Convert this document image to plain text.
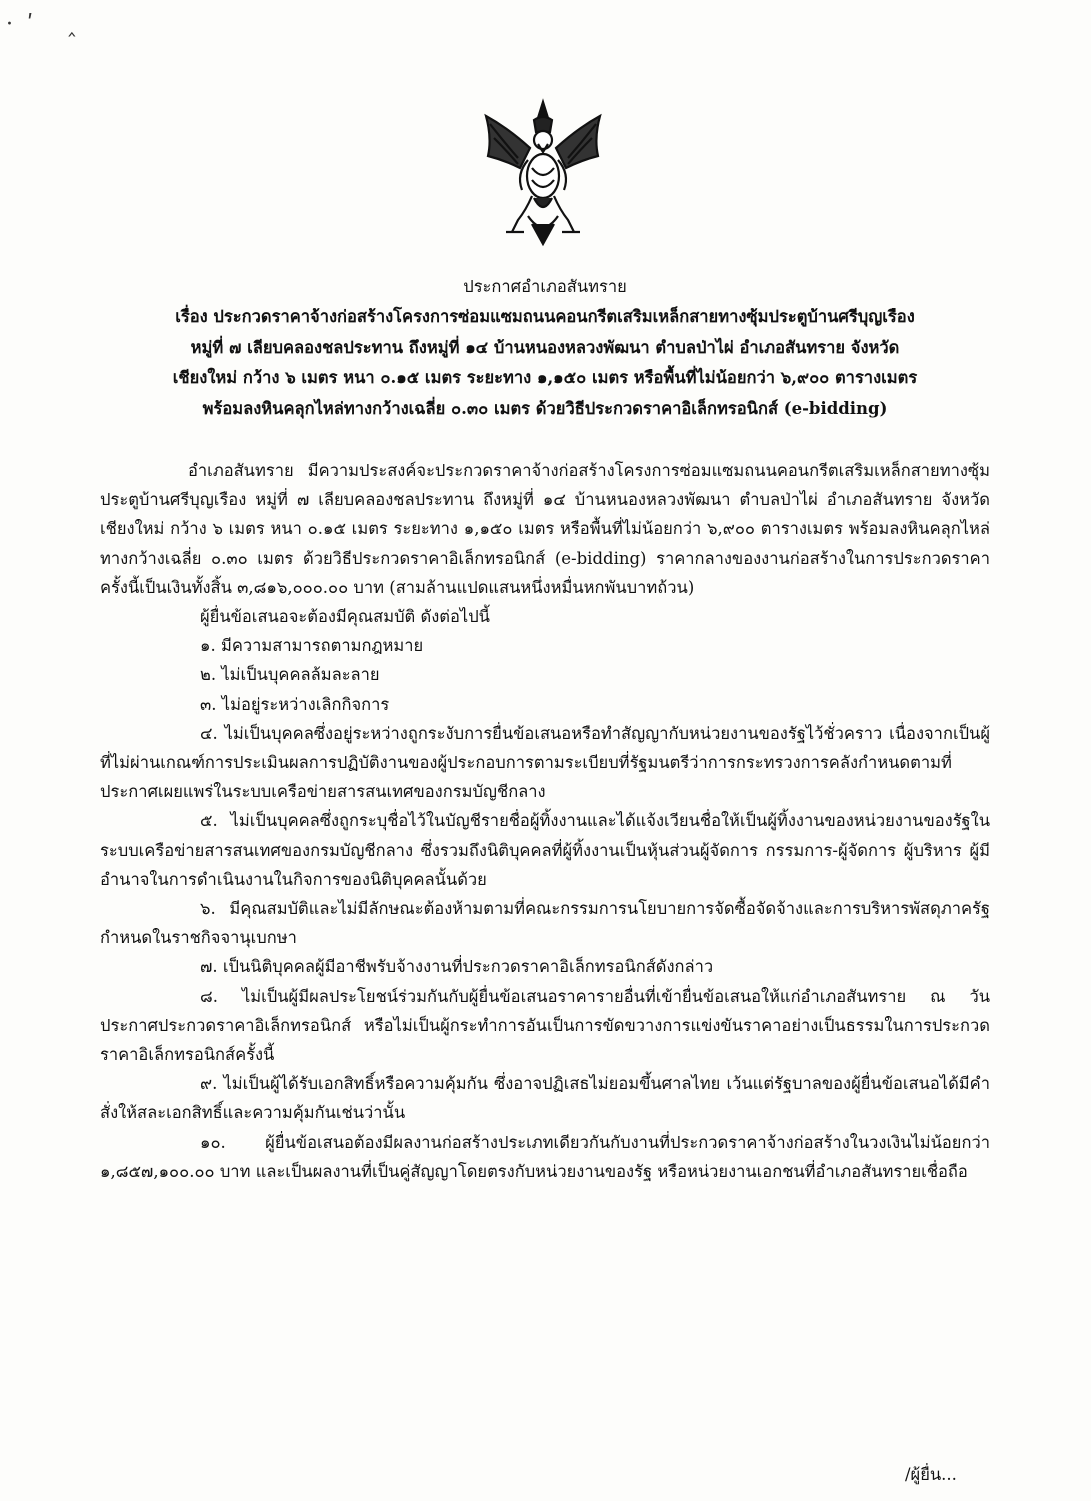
·ʹ ‸
ประกาศอำเภอสันทราย
เรื่อง ประกวดราคาจ้างก่อสร้างโครงการซ่อมแซมถนนคอนกรีตเสริมเหล็กสายทางซุ้มประตูบ้านศรีบุญเรือง
หมู่ที่ ๗ เลียบคลองชลประทาน ถึงหมู่ที่ ๑๔ บ้านหนองหลวงพัฒนา ตำบลป่าไผ่ อำเภอสันทราย จังหวัด
เชียงใหม่ กว้าง ๖ เมตร หนา ๐.๑๕ เมตร ระยะทาง ๑,๑๕๐ เมตร หรือพื้นที่ไม่น้อยกว่า ๖,๙๐๐ ตารางเมตร
พร้อมลงหินคลุกไหล่ทางกว้างเฉลี่ย ๐.๓๐ เมตร ด้วยวิธีประกวดราคาอิเล็กทรอนิกส์ (e-bidding)

อำเภอสันทราย มีความประสงค์จะประกวดราคาจ้างก่อสร้างโครงการซ่อมแซมถนนคอนกรีตเสริมเหล็กสายทางซุ้มประตูบ้านศรีบุญเรือง หมู่ที่ ๗ เลียบคลองชลประทาน ถึงหมู่ที่ ๑๔ บ้านหนองหลวงพัฒนา ตำบลป่าไผ่ อำเภอสันทราย จังหวัดเชียงใหม่ กว้าง ๖ เมตร หนา ๐.๑๕ เมตร ระยะทาง ๑,๑๕๐ เมตร หรือพื้นที่ไม่น้อยกว่า ๖,๙๐๐ ตารางเมตร พร้อมลงหินคลุกไหล่ทางกว้างเฉลี่ย ๐.๓๐ เมตร ด้วยวิธีประกวดราคาอิเล็กทรอนิกส์ (e-bidding) ราคากลางของงานก่อสร้างในการประกวดราคาครั้งนี้เป็นเงินทั้งสิ้น ๓,๘๑๖,๐๐๐.๐๐ บาท (สามล้านแปดแสนหนึ่งหมื่นหกพันบาทถ้วน)

ผู้ยื่นข้อเสนอจะต้องมีคุณสมบัติ ดังต่อไปนี้

๑. มีความสามารถตามกฎหมาย

๒. ไม่เป็นบุคคลล้มละลาย

๓. ไม่อยู่ระหว่างเลิกกิจการ

๔. ไม่เป็นบุคคลซึ่งอยู่ระหว่างถูกระงับการยื่นข้อเสนอหรือทำสัญญากับหน่วยงานของรัฐไว้ชั่วคราว เนื่องจากเป็นผู้ที่ไม่ผ่านเกณฑ์การประเมินผลการปฏิบัติงานของผู้ประกอบการตามระเบียบที่รัฐมนตรีว่าการกระทรวงการคลังกำหนดตามที่ประกาศเผยแพร่ในระบบเครือข่ายสารสนเทศของกรมบัญชีกลาง

๕. ไม่เป็นบุคคลซึ่งถูกระบุชื่อไว้ในบัญชีรายชื่อผู้ทิ้งงานและได้แจ้งเวียนชื่อให้เป็นผู้ทิ้งงานของหน่วยงานของรัฐในระบบเครือข่ายสารสนเทศของกรมบัญชีกลาง ซึ่งรวมถึงนิติบุคคลที่ผู้ทิ้งงานเป็นหุ้นส่วนผู้จัดการ กรรมการ-ผู้จัดการ ผู้บริหาร ผู้มีอำนาจในการดำเนินงานในกิจการของนิติบุคคลนั้นด้วย

๖. มีคุณสมบัติและไม่มีลักษณะต้องห้ามตามที่คณะกรรมการนโยบายการจัดซื้อจัดจ้างและการบริหารพัสดุภาครัฐกำหนดในราชกิจจานุเบกษา

๗. เป็นนิติบุคคลผู้มีอาชีพรับจ้างงานที่ประกวดราคาอิเล็กทรอนิกส์ดังกล่าว

๘. ไม่เป็นผู้มีผลประโยชน์ร่วมกันกับผู้ยื่นข้อเสนอราคารายอื่นที่เข้ายื่นข้อเสนอให้แก่อำเภอสันทราย ณ วันประกาศประกวดราคาอิเล็กทรอนิกส์ หรือไม่เป็นผู้กระทำการอันเป็นการขัดขวางการแข่งขันราคาอย่างเป็นธรรมในการประกวดราคาอิเล็กทรอนิกส์ครั้งนี้

๙. ไม่เป็นผู้ได้รับเอกสิทธิ์หรือความคุ้มกัน ซึ่งอาจปฏิเสธไม่ยอมขึ้นศาลไทย เว้นแต่รัฐบาลของผู้ยื่นข้อเสนอได้มีคำสั่งให้สละเอกสิทธิ์และความคุ้มกันเช่นว่านั้น

๑๐. ผู้ยื่นข้อเสนอต้องมีผลงานก่อสร้างประเภทเดียวกันกับงานที่ประกวดราคาจ้างก่อสร้างในวงเงินไม่น้อยกว่า ๑,๘๕๗,๑๐๐.๐๐ บาท และเป็นผลงานที่เป็นคู่สัญญาโดยตรงกับหน่วยงานของรัฐ หรือหน่วยงานเอกชนที่อำเภอสันทรายเชื่อถือ

/ผู้ยื่น...
